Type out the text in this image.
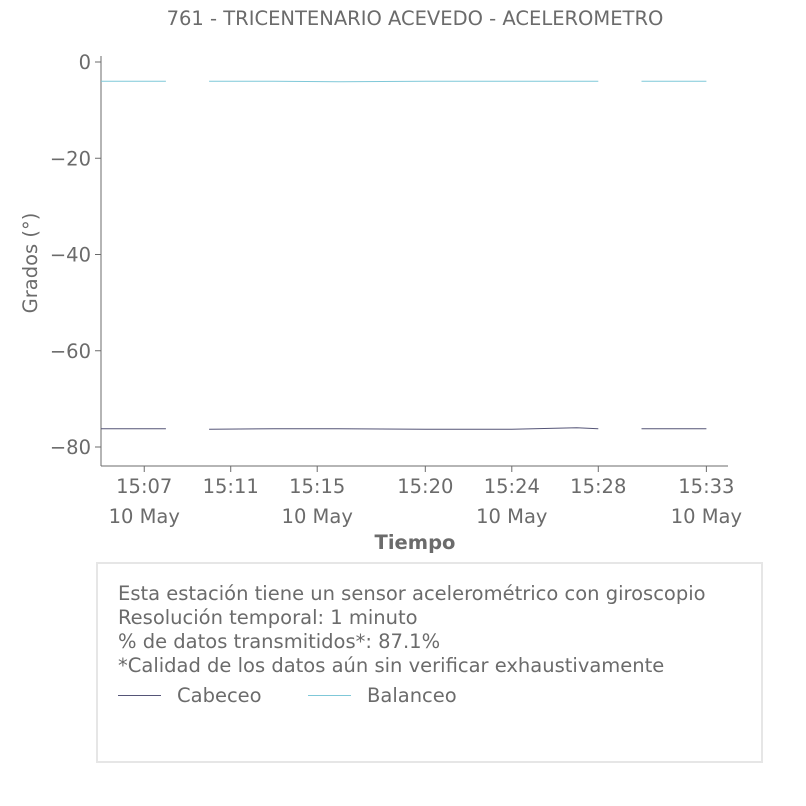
761 - TRICENTENARIO ACEVEDO - ACELEROMETRO
0
−20
−40
−60
−80
15:07
10 May
15:11 15:15
10 May
15:20 15:24
10 May
15:28	15:33
10 May
Grados (°)
Tiempo
Esta estación tiene un sensor acelerométrico con giroscopio
Resolución temporal: 1 minuto
% de datos transmitidos*: 87.1%
*Calidad de los datos aún sin verificar exhaustivamente
Cabeceo	Balanceo
